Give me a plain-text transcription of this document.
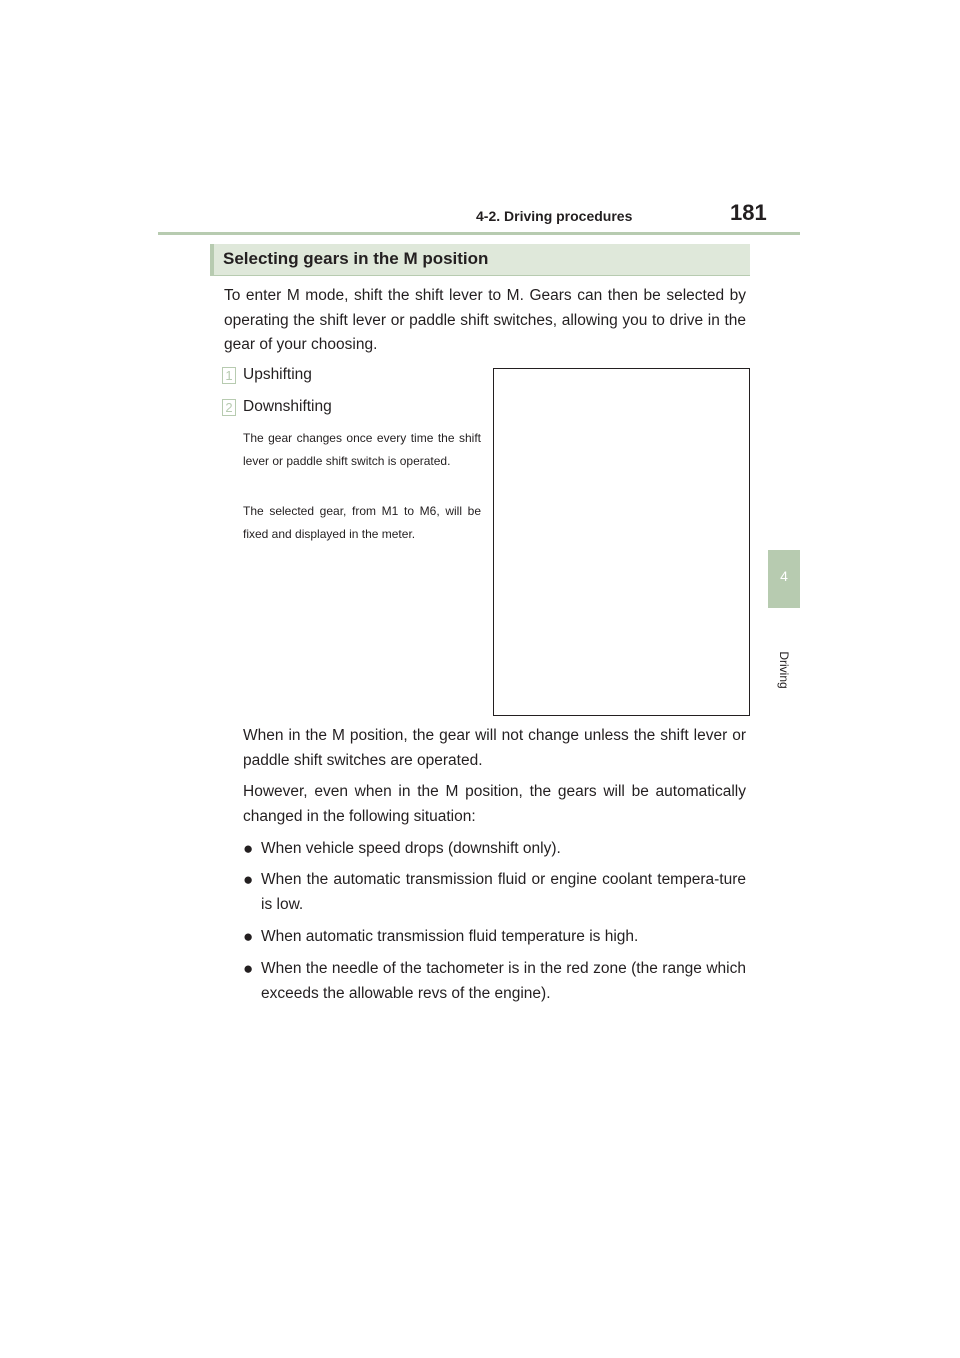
4-2. Driving procedures	181
4
Driving
Selecting gears in the M position
To enter M mode, shift the shift lever to M. Gears can then be selected by operating the shift lever or paddle shift switches, allowing you to drive in the gear of your choosing.
1 Upshifting
2 Downshifting
The gear changes once every time the shift lever or paddle shift switch is operated.
The selected gear, from M1 to M6, will be fixed and displayed in the meter.
When in the M position, the gear will not change unless the shift lever or paddle shift switches are operated.
However, even when in the M position, the gears will be automatically changed in the following situation:
● When vehicle speed drops (downshift only).
● When the automatic transmission fluid or engine coolant tempera-ture is low.
● When automatic transmission fluid temperature is high.
● When the needle of the tachometer is in the red zone (the range which exceeds the allowable revs of the engine).
